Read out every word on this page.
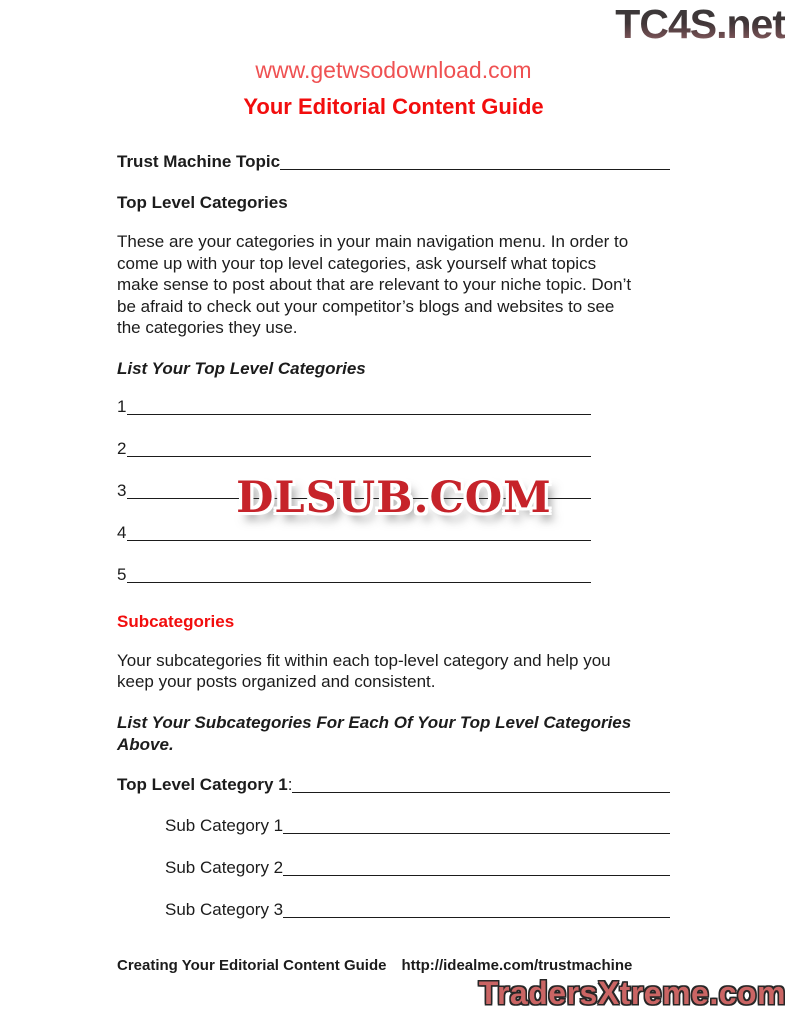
TC4S.net
www.getwsodownload.com
Your Editorial Content Guide
Trust Machine Topic
Top Level Categories
These are your categories in your main navigation menu. In order to
come up with your top level categories, ask yourself what topics
make sense to post about that are relevant to your niche topic. Don’t
be afraid to check out your competitor’s blogs and websites to see
the categories they use.
List Your Top Level Categories
1
2
3
4
5
Subcategories
Your subcategories fit within each top-level category and help you
keep your posts organized and consistent.
List Your Subcategories For Each Of Your Top Level Categories
Above.
Top Level Category 1 :
Sub Category 1
Sub Category 2
Sub Category 3
DLSUB.COM
Creating Your Editorial Content Guide http://idealme.com/trustmachine
TradersXtreme.com
